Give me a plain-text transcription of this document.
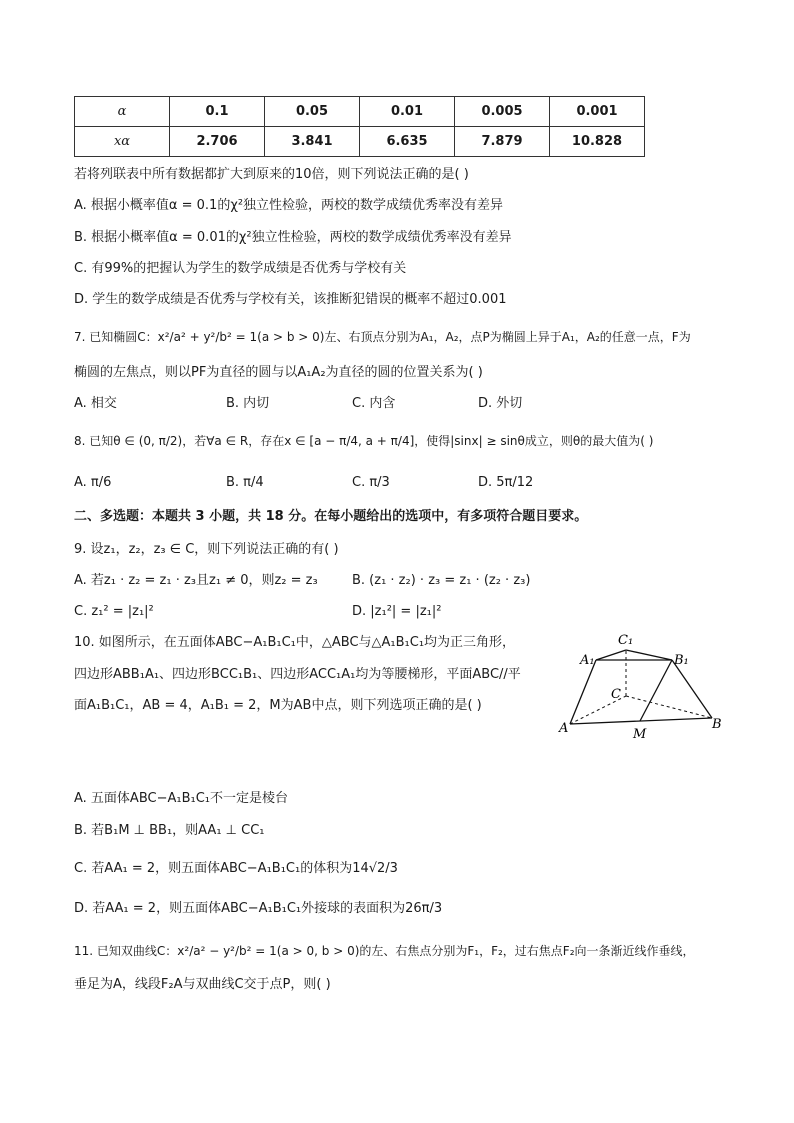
α	0.1	0.05	0.01	0.005	0.001
xα	2.706	3.841	6.635	7.879	10.828
若将列联表中所有数据都扩大到原来的10倍，则下列说法正确的是( )
A. 根据小概率值α = 0.1的χ²独立性检验，两校的数学成绩优秀率没有差异
B. 根据小概率值α = 0.01的χ²独立性检验，两校的数学成绩优秀率没有差异
C. 有99%的把握认为学生的数学成绩是否优秀与学校有关
D. 学生的数学成绩是否优秀与学校有关，该推断犯错误的概率不超过0.001
7. 已知椭圆C：x²/a² + y²/b² = 1(a > b > 0)左、右顶点分别为A₁，A₂，点P为椭圆上异于A₁，A₂的任意一点，F为
椭圆的左焦点，则以PF为直径的圆与以A₁A₂为直径的圆的位置关系为( )
A. 相交	B. 内切	C. 内含	D. 外切
8. 已知θ ∈ (0, π/2)，若∀a ∈ R，存在x ∈ [a − π/4, a + π/4]，使得|sinx| ≥ sinθ成立，则θ的最大值为( )
A. π/6	B. π/4	C. π/3	D. 5π/12
二、多选题：本题共 3 小题，共 18 分。在每小题给出的选项中，有多项符合题目要求。
9. 设z₁，z₂，z₃ ∈ C，则下列说法正确的有( )
A. 若z₁ · z₂ = z₁ · z₃且z₁ ≠ 0，则z₂ = z₃	B. (z₁ · z₂) · z₃ = z₁ · (z₂ · z₃)
C. z₁² = |z₁|²	D. |z₁²| = |z₁|²
10. 如图所示，在五面体ABC−A₁B₁C₁中，△ABC与△A₁B₁C₁均为正三角形，
四边形ABB₁A₁、四边形BCC₁B₁、四边形ACC₁A₁均为等腰梯形，平面ABC//平
面A₁B₁C₁，AB = 4，A₁B₁ = 2，M为AB中点，则下列选项正确的是( )
C₁
A₁	B₁
C
A	M
B
A. 五面体ABC−A₁B₁C₁不一定是棱台
B. 若B₁M ⊥ BB₁，则AA₁ ⊥ CC₁
C. 若AA₁ = 2，则五面体ABC−A₁B₁C₁的体积为14√2/3
D. 若AA₁ = 2，则五面体ABC−A₁B₁C₁外接球的表面积为26π/3
11. 已知双曲线C：x²/a² − y²/b² = 1(a > 0, b > 0)的左、右焦点分别为F₁，F₂，过右焦点F₂向一条渐近线作垂线，
垂足为A，线段F₂A与双曲线C交于点P，则( )
